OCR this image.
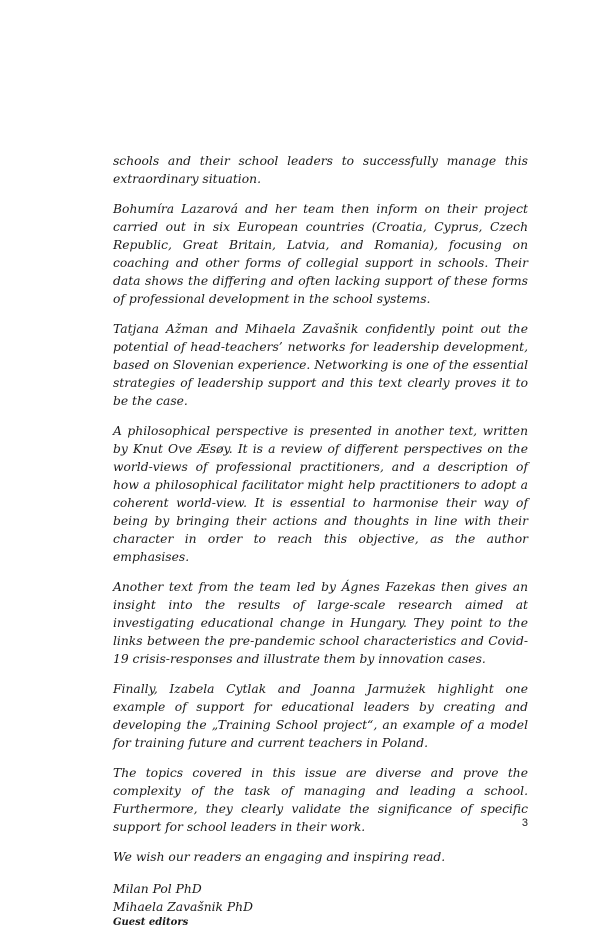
schools and their school leaders to successfully manage this extraordinary situation.

Bohumíra Lazarová and her team then inform on their project carried out in six European countries (Croatia, Cyprus, Czech Republic, Great Britain, Latvia, and Romania), focusing on coaching and other forms of collegial support in schools. Their data shows the differing and often lacking support of these forms of professional development in the school systems.

Tatjana Ažman and Mihaela Zavašnik confidently point out the potential of head-teachers’ networks for leadership development, based on Slovenian experience. Networking is one of the essential strategies of leadership support and this text clearly proves it to be the case.

A philosophical perspective is presented in another text, written by Knut Ove Æsøy. It is a review of different perspectives on the world-views of professional practitioners, and a description of how a philosophical facilitator might help practitioners to adopt a coherent world-view. It is essential to harmonise their way of being by bringing their actions and thoughts in line with their character in order to reach this objective, as the author emphasises.

Another text from the team led by Ágnes Fazekas then gives an insight into the results of large-scale research aimed at investigating educational change in Hungary. They point to the links between the pre-pandemic school characteristics and Covid-19 crisis-responses and illustrate them by innovation cases.

Finally, Izabela Cytlak and Joanna Jarmużek highlight one example of support for educational leaders by creating and developing the „Training School project“, an example of a model for training future and current teachers in Poland.

The topics covered in this issue are diverse and prove the complexity of the task of managing and leading a school. Furthermore, they clearly validate the significance of specific support for school leaders in their work.

We wish our readers an engaging and inspiring read.

Milan Pol PhD
Mihaela Zavašnik PhD
Guest editors
3
